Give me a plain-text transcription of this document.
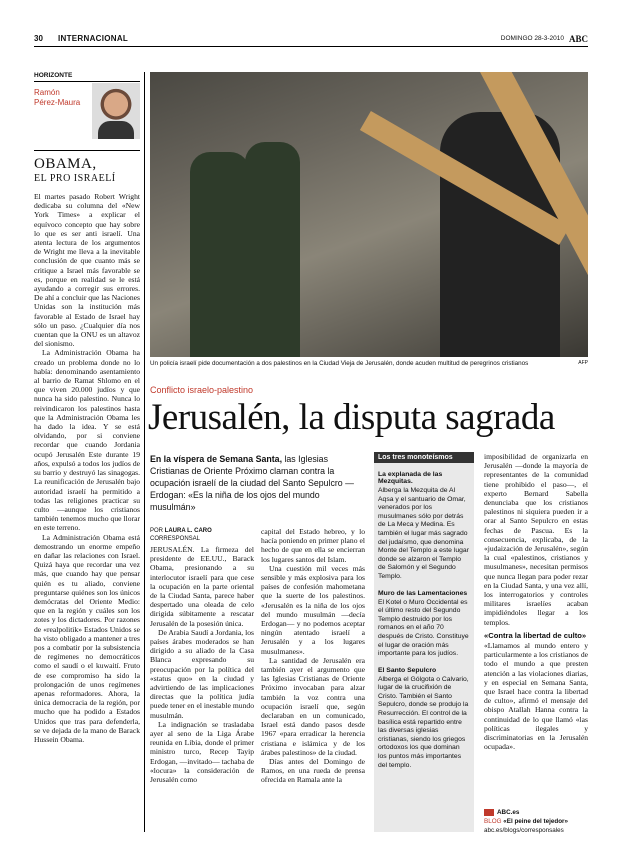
30 INTERNACIONAL	DOMINGO 28-3-2010 ABC
HORIZONTE
Ramón Pérez-Maura
OBAMA,
EL PRO ISRAELÍ

El martes pasado Robert Wright dedicaba su columna del «New York Times» a explicar el equívoco concepto que hay sobre lo que es ser anti israelí. Una atenta lectura de los argumentos de Wright me lleva a la inevitable conclusión de que cuanto más se critique a Israel más favorable se es, porque en realidad se le está ayudando a corregir sus errores. De ahí a concluir que las Naciones Unidas son la institución más favorable al Estado de Israel hay sólo un paso. ¿Cualquier día nos cuentan que la ONU es un altavoz del sionismo.

La Administración Obama ha creado un problema donde no lo había: denominando asentamiento al barrio de Ramat Shlomo en el que viven 20.000 judíos y que nunca ha sido palestino. Nunca lo reivindicaron los palestinos hasta que la Administración Obama les ha dado la idea. Y se está olvidando, por si conviene recordar que cuando Jordania ocupó Jerusalén Este durante 19 años, expulsó a todos los judíos de su barrio y destruyó las sinagogas. La reunificación de Jerusalén bajo autoridad israelí ha permitido a todas las religiones practicar su culto —aunque los cristianos también tenemos mucho que llorar en este terreno.

La Administración Obama está demostrando un enorme empeño en dañar las relaciones con Israel. Quizá haya que recordar una vez más, que cuando hay que pensar quién es tu aliado, conviene preguntarse quiénes son los únicos demócratas del Oriente Medio: que en la región y cuáles son los zotes y los dictadores. Por razones de «realpolitik» Estados Unidos se ha visto obligado a mantener a tres pos a combatir por la subsistencia de regímenes no democráticos como el saudí o el kuwaití. Fruto de ese compromiso ha sido la prolongación de unos regímenes apenas reformadores. Ahora, la única democracia de la región, por mucho que ha podido a Estados Unidos que tras para defenderla, se ve dejada de la mano de Barack Hussein Obama.

Un policía israelí pide documentación a dos palestinos en la Ciudad Vieja de Jerusalén, donde acuden multitud de peregrinos cristianos	AFP
Conflicto israelo-palestino
Jerusalén, la disputa sagrada
En la víspera de Semana Santa, las Iglesias Cristianas de Oriente Próximo claman contra la ocupación israelí de la ciudad del Santo Sepulcro — Erdogan: «Es la niña de los ojos del mundo musulmán»
POR LAURA L. CARO
CORRESPONSAL

JERUSALÉN. La firmeza del presidente de EE.UU., Barack Obama, presionando a su interlocutor israelí para que cese la ocupación en la parte oriental de la Ciudad Santa, parece haber despertado una oleada de celo dirigida súbitamente a rescatar Jerusalén de la posesión única.

De Arabia Saudí a Jordania, los países árabes moderados se han dirigido a su aliado de la Casa Blanca expresando su preocupación por la política del «status quo» en la ciudad y advirtiendo de las implicaciones directas que la política judía puede tener en el inestable mundo musulmán.

La indignación se trasladaba ayer al seno de la Liga Árabe reunida en Libia, donde el primer ministro turco, Recep Tayip Erdogan, —invitado— tachaba de «locura» la consideración de Jerusalén como

capital del Estado hebreo, y lo hacía poniendo en primer plano el hecho de que en ella se encierran los lugares santos del Islam.

Una cuestión mil veces más sensible y más explosiva para los países de confesión mahometana que la suerte de los palestinos. «Jerusalén es la niña de los ojos del mundo musulmán —decía Erdogan— y no podemos aceptar ningún atentado israelí a Jerusalén y a los lugares musulmanes».

La santidad de Jerusalén era también ayer el argumento que las Iglesias Cristianas de Oriente Próximo invocaban para alzar también la voz contra una ocupación israelí que, según declaraban en un comunicado, Israel está dando pasos desde 1967 «para erradicar la herencia cristiana e islámica y de los árabes palestinos» de la ciudad.

Días antes del Domingo de Ramos, en una rueda de prensa ofrecida en Ramala ante la

Los tres monoteísmos
La explanada de las Mezquitas.
Alberga la Mezquita de Al Aqsa y el santuario de Omar, venerados por los musulmanes sólo por detrás de La Meca y Medina. Es también el lugar más sagrado del judaísmo, que denomina Monte del Templo a este lugar donde se alzaron el Templo de Salomón y el Segundo Templo.
Muro de las Lamentaciones
El Kotel o Muro Occidental es el último resto del Segundo Templo destruido por los romanos en el año 70 después de Cristo. Constituye el lugar de oración más importante para los judíos.
El Santo Sepulcro
Alberga el Gólgota o Calvario, lugar de la crucifixión de Cristo. También el Santo Sepulcro, donde se produjo la Resurrección. El control de la basílica está repartido entre las diversas iglesias cristianas, siendo los griegos ortodoxos los que dominan los puntos más importantes del templo.

imposibilidad de organizarla en Jerusalén —donde la mayoría de representantes de la comunidad tiene prohibido el paso—, el experto Bernard Sabella denunciaba que los cristianos palestinos ni siquiera pueden ir a orar al Santo Sepulcro en estas fechas de Pascua. Es la consecuencia, explicaba, de la «judaización de Jerusalén», según la cual «palestinos, cristianos y musulmanes», necesitan permisos que nunca llegan para poder rezar en la Ciudad Santa, y una vez allí, los interrogatorios y controles militares israelíes acaban impidiéndoles llegar a los templos.

«Contra la libertad de culto»

«Llamamos al mundo entero y particularmente a los cristianos de todo el mundo a que presten atención a las violaciones diarias, y en especial en Semana Santa, que Israel hace contra la libertad de culto», afirmó el mensaje del obispo Atallah Hanna contra la continuidad de lo que llamó «las políticas ilegales y discriminatorias en la Jerusalén ocupada».

ABC.es
BLOG «El peine del tejedor»
abc.es/blogs/corresponsales
